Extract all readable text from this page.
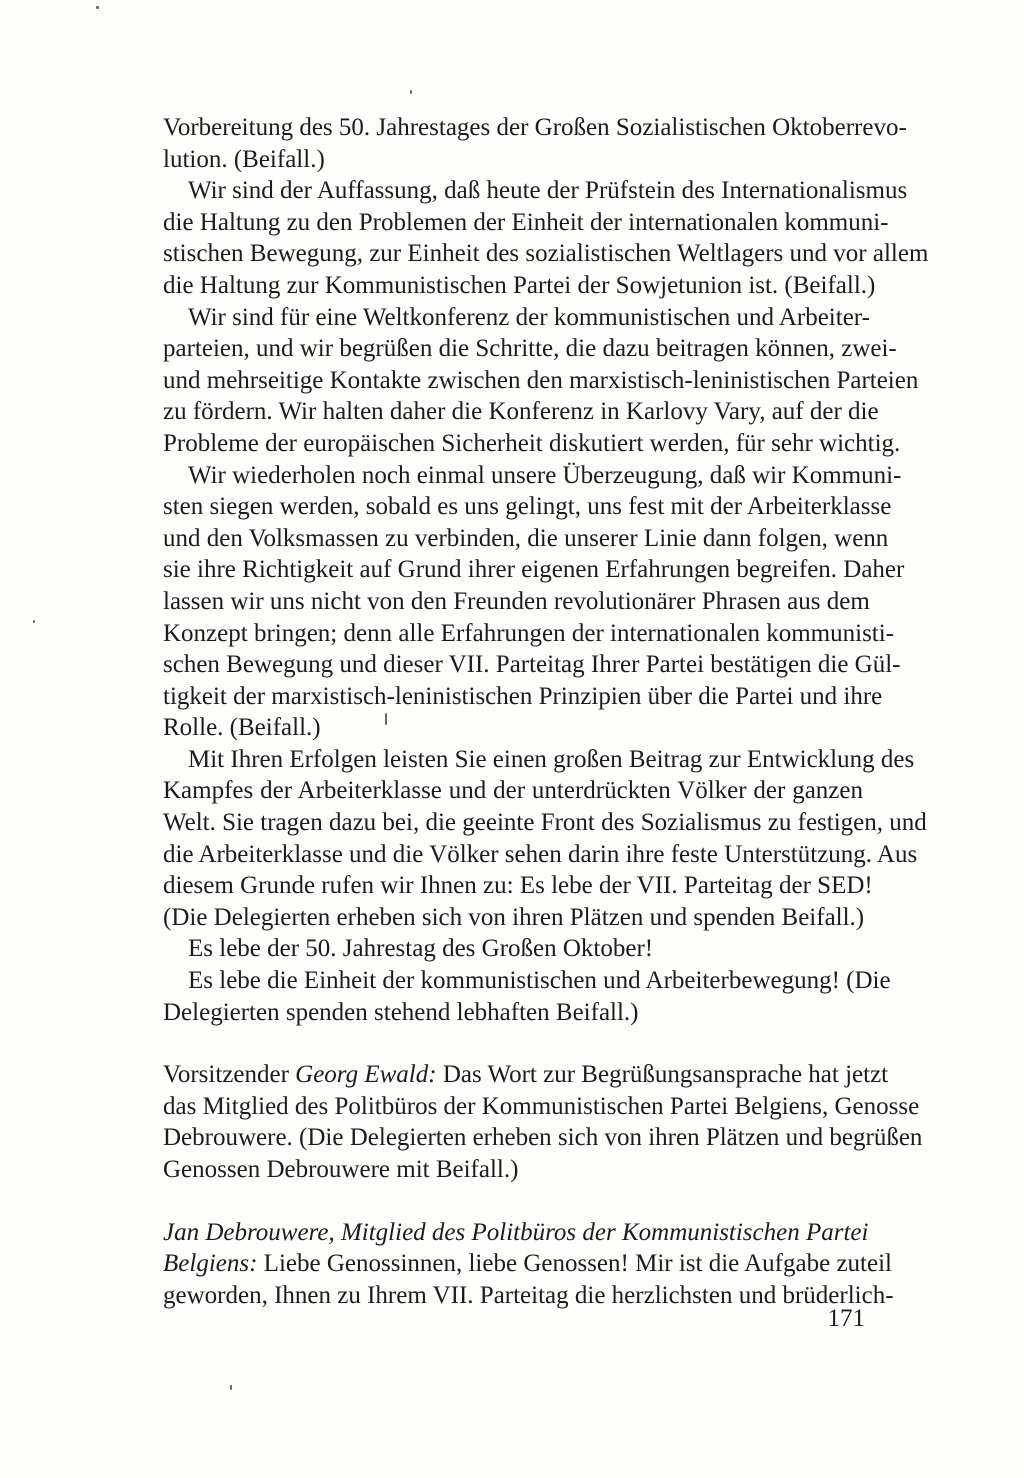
Vorbereitung des 50. Jahrestages der Großen Sozialistischen Oktoberrevo-
lution. (Beifall.)
Wir sind der Auffassung, daß heute der Prüfstein des Internationalismus
die Haltung zu den Problemen der Einheit der internationalen kommuni-
stischen Bewegung, zur Einheit des sozialistischen Weltlagers und vor allem
die Haltung zur Kommunistischen Partei der Sowjetunion ist. (Beifall.)
Wir sind für eine Weltkonferenz der kommunistischen und Arbeiter-
parteien, und wir begrüßen die Schritte, die dazu beitragen können, zwei-
und mehrseitige Kontakte zwischen den marxistisch-leninistischen Parteien
zu fördern. Wir halten daher die Konferenz in Karlovy Vary, auf der die
Probleme der europäischen Sicherheit diskutiert werden, für sehr wichtig.
Wir wiederholen noch einmal unsere Überzeugung, daß wir Kommuni-
sten siegen werden, sobald es uns gelingt, uns fest mit der Arbeiterklasse
und den Volksmassen zu verbinden, die unserer Linie dann folgen, wenn
sie ihre Richtigkeit auf Grund ihrer eigenen Erfahrungen begreifen. Daher
lassen wir uns nicht von den Freunden revolutionärer Phrasen aus dem
Konzept bringen; denn alle Erfahrungen der internationalen kommunisti-
schen Bewegung und dieser VII. Parteitag Ihrer Partei bestätigen die Gül-
tigkeit der marxistisch-leninistischen Prinzipien über die Partei und ihre
Rolle. (Beifall.)
Mit Ihren Erfolgen leisten Sie einen großen Beitrag zur Entwicklung des
Kampfes der Arbeiterklasse und der unterdrückten Völker der ganzen
Welt. Sie tragen dazu bei, die geeinte Front des Sozialismus zu festigen, und
die Arbeiterklasse und die Völker sehen darin ihre feste Unterstützung. Aus
diesem Grunde rufen wir Ihnen zu: Es lebe der VII. Parteitag der SED!
(Die Delegierten erheben sich von ihren Plätzen und spenden Beifall.)
Es lebe der 50. Jahrestag des Großen Oktober!
Es lebe die Einheit der kommunistischen und Arbeiterbewegung! (Die
Delegierten spenden stehend lebhaften Beifall.)
Vorsitzender Georg Ewald: Das Wort zur Begrüßungsansprache hat jetzt
das Mitglied des Politbüros der Kommunistischen Partei Belgiens, Genosse
Debrouwere. (Die Delegierten erheben sich von ihren Plätzen und begrüßen
Genossen Debrouwere mit Beifall.)
Jan Debrouwere, Mitglied des Politbüros der Kommunistischen Partei
Belgiens: Liebe Genossinnen, liebe Genossen! Mir ist die Aufgabe zuteil
geworden, Ihnen zu Ihrem VII. Parteitag die herzlichsten und brüderlich-
171
